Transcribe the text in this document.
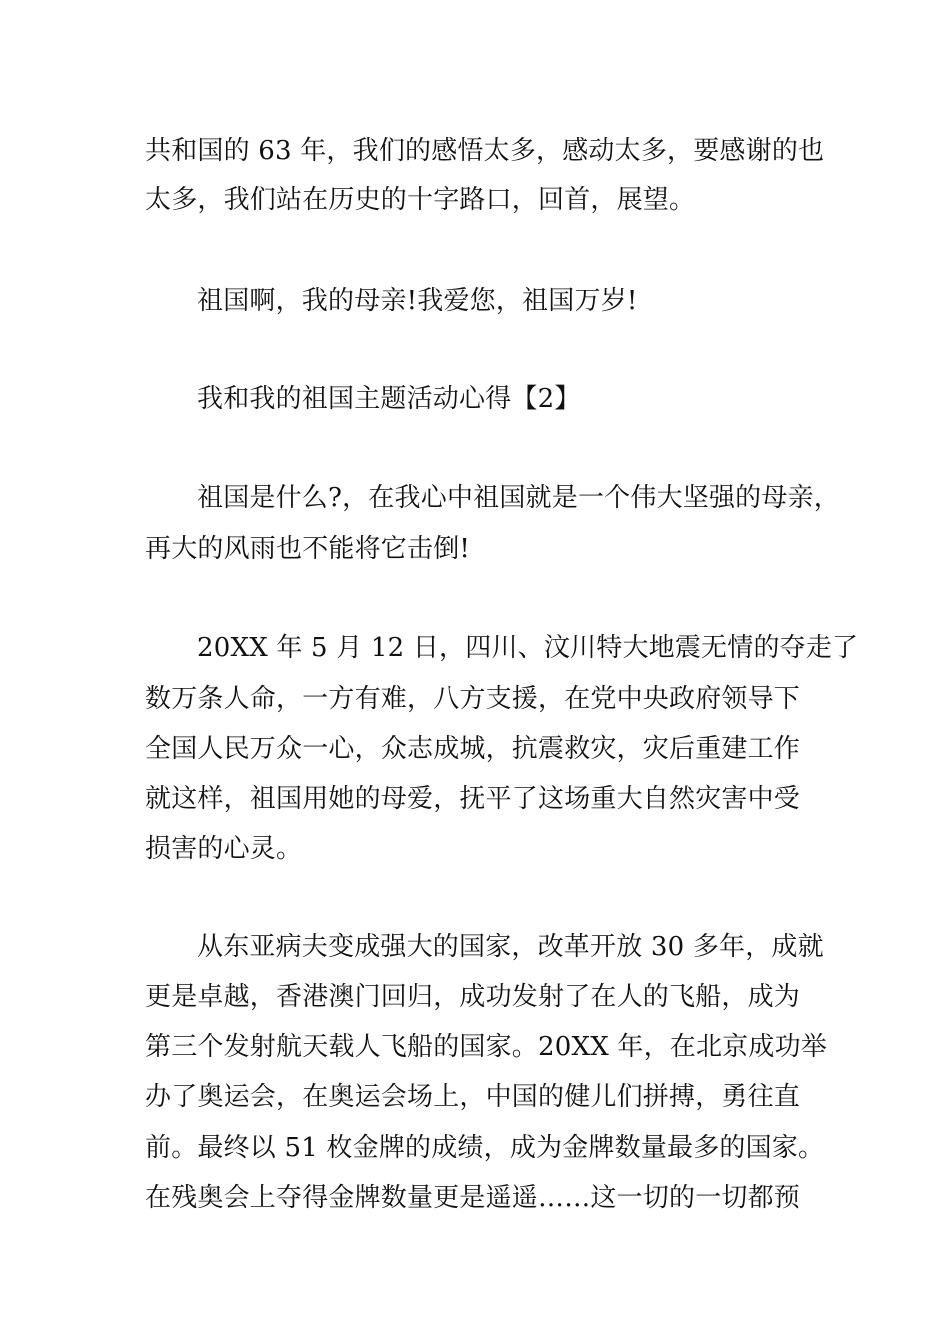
共和国的 63 年，我们的感悟太多，感动太多，要感谢的也
太多，我们站在历史的十字路口，回首，展望。
祖国啊，我的母亲!我爱您，祖国万岁!
我和我的祖国主题活动心得【2】
祖国是什么?，在我心中祖国就是一个伟大坚强的母亲，
再大的风雨也不能将它击倒!
20XX 年 5 月 12 日，四川、汶川特大地震无情的夺走了
数万条人命，一方有难，八方支援，在党中央政府领导下
全国人民万众一心，众志成城，抗震救灾，灾后重建工作
就这样，祖国用她的母爱，抚平了这场重大自然灾害中受
损害的心灵。
从东亚病夫变成强大的国家，改革开放 30 多年，成就
更是卓越，香港澳门回归，成功发射了在人的飞船，成为
第三个发射航天载人飞船的国家。20XX 年，在北京成功举
办了奥运会，在奥运会场上，中国的健儿们拼搏，勇往直
前。最终以 51 枚金牌的成绩，成为金牌数量最多的国家。
在残奥会上夺得金牌数量更是遥遥……这一切的一切都预
